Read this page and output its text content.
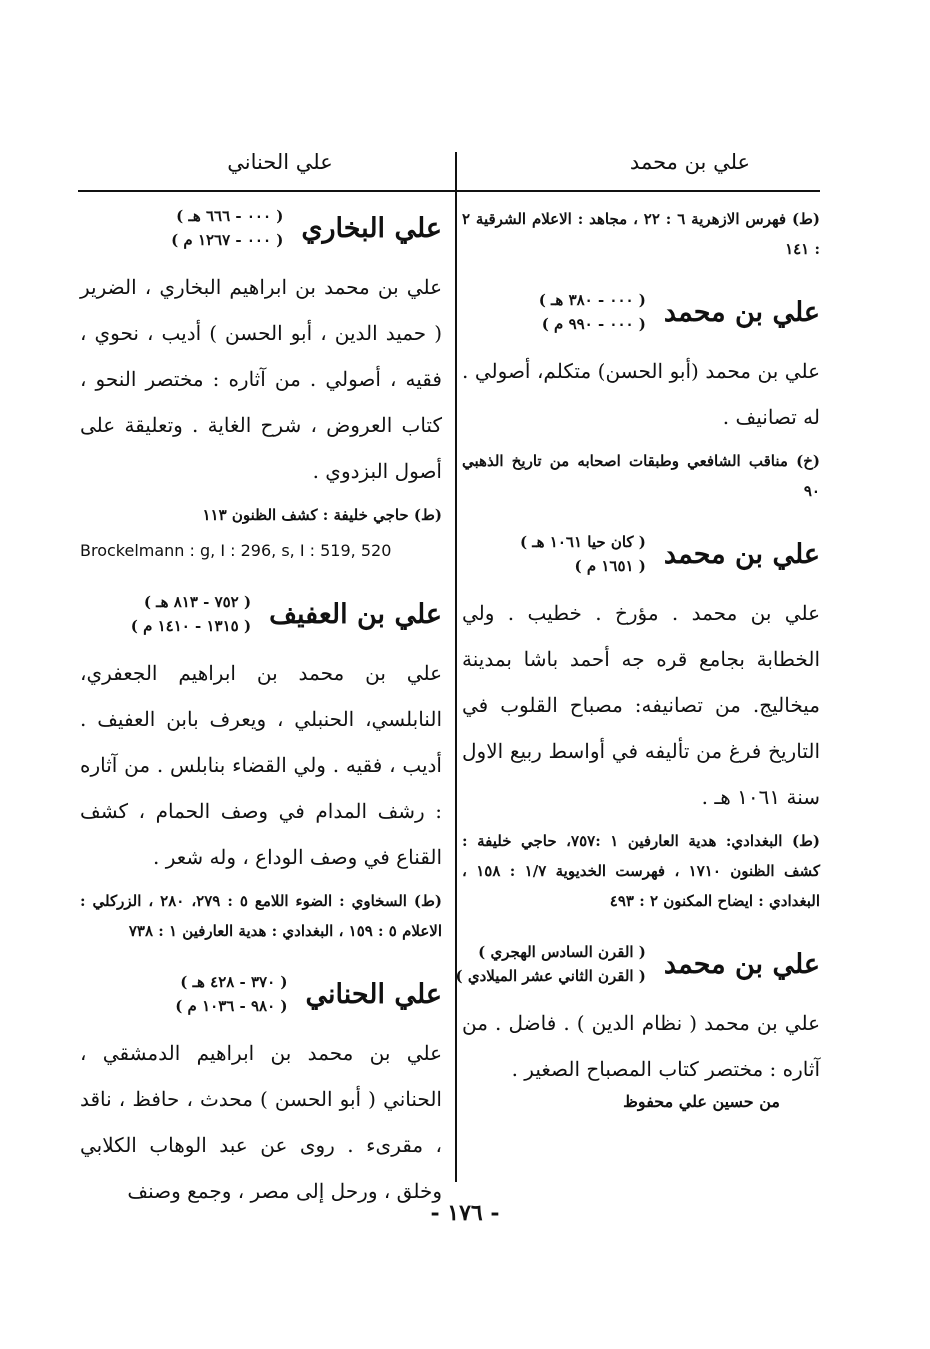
علي بن محمد
علي الحناني
(ط) فهرس الازهرية ٦ : ٢٢ ، مجاهد : الاعلام الشرقية ٢ : ١٤١
علي بن محمد
( ٠٠٠ - ٣٨٠ هـ )
( ٠٠٠ - ٩٩٠ م )
علي بن محمد (أبو الحسن) متكلم، أصولي . له تصانيف .
(خ) مناقب الشافعي وطبقات اصحابه من تاريخ الذهبي ٩٠
علي بن محمد
( كان حيا ١٠٦١ هـ )
( ١٦٥١ م )
علي بن محمد . مؤرخ . خطيب . ولي الخطابة بجامع قره جه أحمد باشا بمدينة ميخاليج. من تصانيفه: مصباح القلوب في التاريخ فرغ من تأليفه في أواسط ربيع الاول سنة ١٠٦١ هـ .
(ط) البغدادي: هدية العارفين ١ :٧٥٧، حاجي خليفة : كشف الظنون ١٧١٠ ، فهرست الخديوية ١/٧ : ١٥٨ ، البغدادي : ايضاح المكنون ٢ : ٤٩٣
علي بن محمد
( القرن السادس الهجري )
( القرن الثاني عشر الميلادي )
علي بن محمد ( نظام الدين ) . فاضل . من آثاره : مختصر كتاب المصباح الصغير .
من حسين علي محفوظ
علي البخاري
( ٠٠٠ - ٦٦٦ هـ )
( ٠٠٠ - ١٢٦٧ م )
علي بن محمد بن ابراهيم البخاري ، الضرير ( حميد الدين ، أبو الحسن ) أديب ، نحوي ، فقيه ، أصولي . من آثاره : مختصر النحو ، كتاب العروض ، شرح الغاية . وتعليقة على أصول البزدوي .
(ط) حاجي خليفة : كشف الظنون ١١٣
Brockelmann : g, I : 296, s, I : 519, 520
علي بن العفيف
( ٧٥٢ - ٨١٣ هـ )
( ١٣١٥ - ١٤١٠ م )
علي بن محمد بن ابراهيم الجعفري، النابلسي، الحنبلي ، ويعرف بابن العفيف . أديب ، فقيه . ولي القضاء بنابلس . من آثاره : رشف المدام في وصف الحمام ، كشف القناع في وصف الوداع ، وله شعر .
(ط) السخاوي : الضوء اللامع ٥ : ٢٧٩، ٢٨٠ ، الزركلي : الاعلام ٥ : ١٥٩ ، البغدادي : هدية العارفين ١ : ٧٣٨
علي الحناني
( ٣٧٠ - ٤٢٨ هـ )
( ٩٨٠ - ١٠٣٦ م )
علي بن محمد بن ابراهيم الدمشقي ، الحناني ( أبو الحسن ) محدث ، حافظ ، ناقد ، مقرىء . روى عن عبد الوهاب الكلابي وخلق ، ورحل إلى مصر ، وجمع وصنف
- ١٧٦ -
